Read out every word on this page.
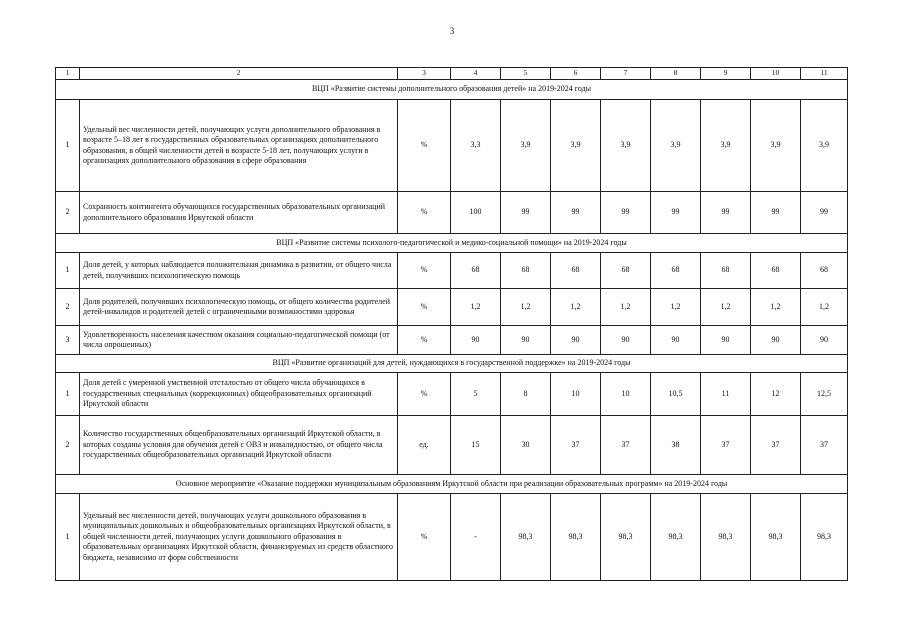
3
1	2	3	4	5	6	7	8	9	10	11
ВЦП «Развитие системы дополнительного образования детей» на 2019-2024 годы										
1	Удельный вес численности детей, получающих услуги дополнительного образования в возрасте 5–18 лет в государственных образовательных организациях дополнительного образования, в общей численности детей в возрасте 5-18 лет, получающих услуги в организациях дополнительного образования в сфере образования	%	3,3	3,9	3,9	3,9	3,9	3,9	3,9	3,9
2	Сохранность контингента обучающихся государственных образовательных организаций дополнительного образования Иркутской области	%	100	99	99	99	99	99	99	99
ВЦП «Развитие системы психолого-педагогической и медико-социальной помощи» на 2019-2024 годы										
1	Доля детей, у которых наблюдается положительная динамика в развитии, от общего числа детей, получивших психологическую помощь	%	68	68	68	68	68	68	68	68
2	Доля родителей, получивших психологическую помощь, от общего количества родителей детей-инвалидов и родителей детей с ограниченными возможностями здоровья	%	1,2	1,2	1,2	1,2	1,2	1,2	1,2	1,2
3	Удовлетворенность населения качеством оказания социально-педагогической помощи (от числа опрошенных)	%	90	90	90	90	90	90	90	90
ВЦП «Развитие организаций для детей, нуждающихся в государственной поддержке» на 2019-2024 годы										
1	Доля детей с умеренной умственной отсталостью от общего числа обучающихся в государственных специальных (коррекционных) общеобразовательных организаций Иркутской области	%	5	8	10	10	10,5	11	12	12,5
2	Количество государственных общеобразовательных организаций Иркутской области, в которых созданы условия для обучения детей с ОВЗ и инвалидностью, от общего числа государственных общеобразовательных организаций Иркутской области	ед.	15	30	37	37	38	37	37	37
Основное мероприятие «Оказание поддержки муниципальным образованиям Иркутской области при реализации образовательных программ» на 2019-2024 годы										
1	Удельный вес численности детей, получающих услуги дошкольного образования в муниципальных дошкольных и общеобразовательных организациях Иркутской области, в общей численности детей, получающих услуги дошкольного образования в образовательных организациях Иркутской области, финансируемых из средств областного бюджета, независимо от форм собственности	%	-	98,3	98,3	98,3	98,3	98,3	98,3	98,3
